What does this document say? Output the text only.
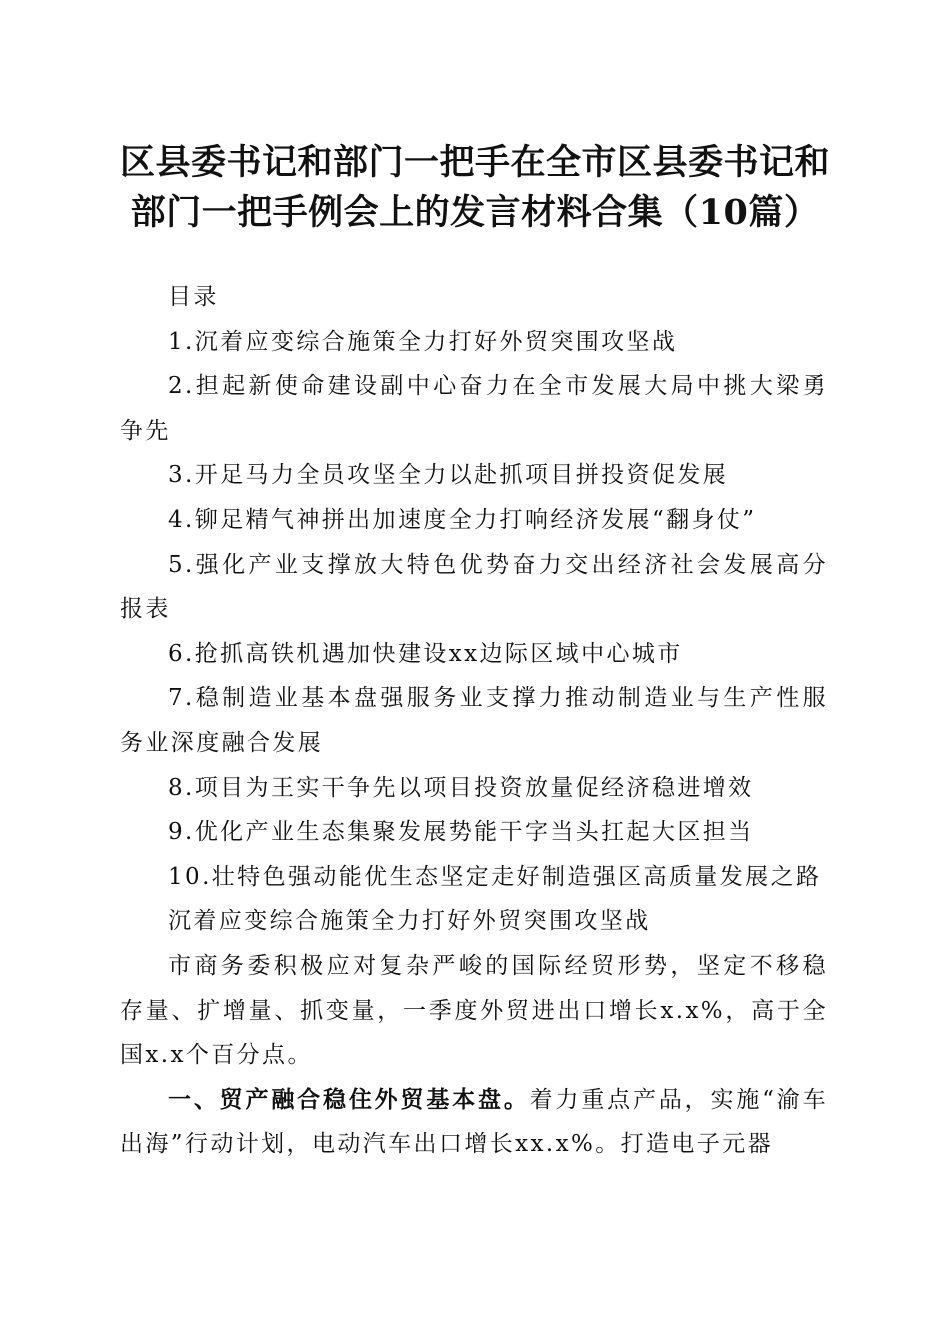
区县委书记和部门一把手在全市区县委书记和
部门一把手例会上的发言材料合集（10篇）

目录

1.沉着应变综合施策全力打好外贸突围攻坚战

2.担起新使命建设副中心奋力在全市发展大局中挑大梁勇争先

3.开足马力全员攻坚全力以赴抓项目拼投资促发展

4.铆足精气神拼出加速度全力打响经济发展“翻身仗”

5.强化产业支撑放大特色优势奋力交出经济社会发展高分报表

6.抢抓高铁机遇加快建设xx边际区域中心城市

7.稳制造业基本盘强服务业支撑力推动制造业与生产性服务业深度融合发展

8.项目为王实干争先以项目投资放量促经济稳进增效

9.优化产业生态集聚发展势能干字当头扛起大区担当

10.壮特色强动能优生态坚定走好制造强区高质量发展之路

沉着应变综合施策全力打好外贸突围攻坚战

市商务委积极应对复杂严峻的国际经贸形势，坚定不移稳存量、扩增量、抓变量，一季度外贸进出口增长x.x%，高于全国x.x个百分点。

一、贸产融合稳住外贸基本盘。着力重点产品，实施“渝车出海”行动计划，电动汽车出口增长xx.x%。打造电子元器
